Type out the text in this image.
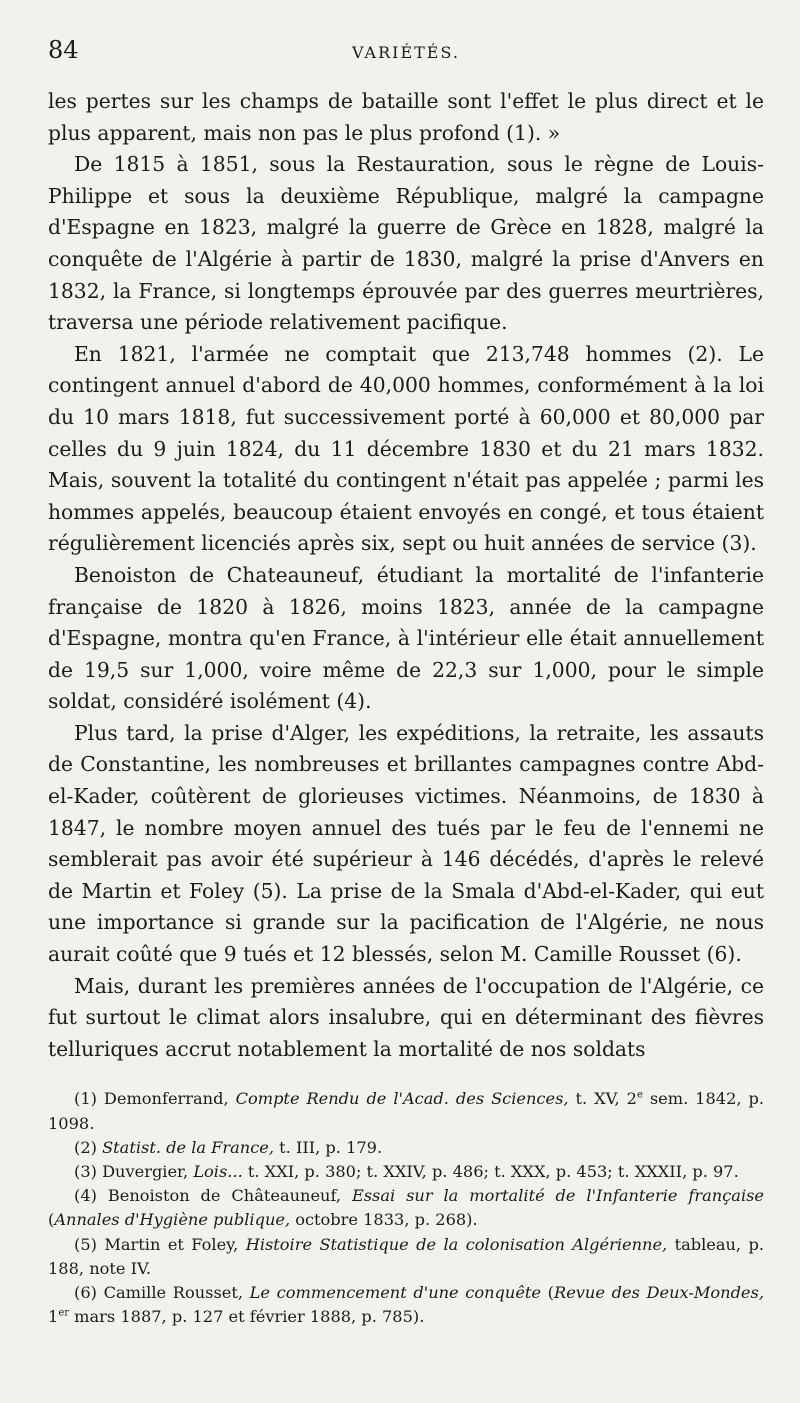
84	VARIÉTÉS.

les pertes sur les champs de bataille sont l'effet le plus direct et le plus apparent, mais non pas le plus profond (1). »

De 1815 à 1851, sous la Restauration, sous le règne de Louis-Philippe et sous la deuxième République, malgré la campagne d'Espagne en 1823, malgré la guerre de Grèce en 1828, malgré la conquête de l'Algérie à partir de 1830, malgré la prise d'Anvers en 1832, la France, si longtemps éprouvée par des guerres meurtrières, traversa une période relativement pacifique.

En 1821, l'armée ne comptait que 213,748 hommes (2). Le contingent annuel d'abord de 40,000 hommes, conformément à la loi du 10 mars 1818, fut successivement porté à 60,000 et 80,000 par celles du 9 juin 1824, du 11 décembre 1830 et du 21 mars 1832. Mais, souvent la totalité du contingent n'était pas appelée ; parmi les hommes appelés, beaucoup étaient envoyés en congé, et tous étaient régulièrement licenciés après six, sept ou huit années de service (3).

Benoiston de Chateauneuf, étudiant la mortalité de l'infanterie française de 1820 à 1826, moins 1823, année de la campagne d'Espagne, montra qu'en France, à l'intérieur elle était annuellement de 19,5 sur 1,000, voire même de 22,3 sur 1,000, pour le simple soldat, considéré isolément (4).

Plus tard, la prise d'Alger, les expéditions, la retraite, les assauts de Constantine, les nombreuses et brillantes campagnes contre Abd-el-Kader, coûtèrent de glorieuses victimes. Néanmoins, de 1830 à 1847, le nombre moyen annuel des tués par le feu de l'ennemi ne semblerait pas avoir été supérieur à 146 décédés, d'après le relevé de Martin et Foley (5). La prise de la Smala d'Abd-el-Kader, qui eut une importance si grande sur la pacification de l'Algérie, ne nous aurait coûté que 9 tués et 12 blessés, selon M. Camille Rousset (6).

Mais, durant les premières années de l'occupation de l'Algérie, ce fut surtout le climat alors insalubre, qui en déterminant des fièvres telluriques accrut notablement la mortalité de nos soldats

(1) Demonferrand, Compte Rendu de l'Acad. des Sciences, t. XV, 2e sem. 1842, p. 1098.

(2) Statist. de la France, t. III, p. 179.

(3) Duvergier, Lois... t. XXI, p. 380; t. XXIV, p. 486; t. XXX, p. 453; t. XXXII, p. 97.

(4) Benoiston de Châteauneuf, Essai sur la mortalité de l'Infanterie française (Annales d'Hygiène publique, octobre 1833, p. 268).

(5) Martin et Foley, Histoire Statistique de la colonisation Algérienne, tableau, p. 188, note IV.

(6) Camille Rousset, Le commencement d'une conquête (Revue des Deux-Mondes, 1er mars 1887, p. 127 et février 1888, p. 785).
